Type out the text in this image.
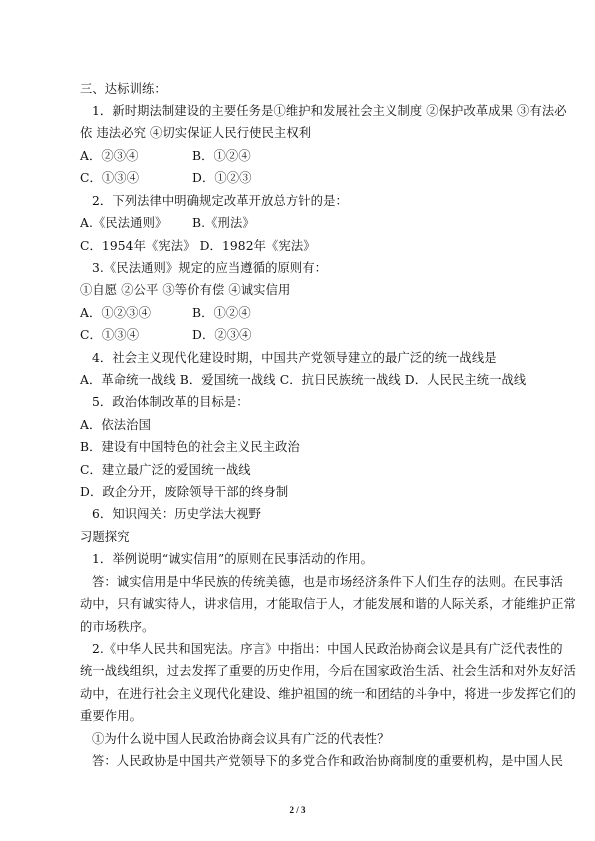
三、达标训练：
1．新时期法制建设的主要任务是①维护和发展社会主义制度 ②保护改革成果 ③有法必
依 违法必究 ④切实保证人民行使民主权利
A．②③④	B．①②④
C．①③④	D．①②③
2．下列法律中明确规定改革开放总方针的是：
A.《民法通则》 B.《刑法》
C．1954年《宪法》 D．1982年《宪法》
3.《民法通则》规定的应当遵循的原则有：
①自愿 ②公平 ③等价有偿 ④诚实信用
A．①②③④	B．①②④
C．①③④	D．②③④
4．社会主义现代化建设时期，中国共产党领导建立的最广泛的统一战线是
A．革命统一战线 B．爱国统一战线 C．抗日民族统一战线 D．人民民主统一战线
5．政治体制改革的目标是：
A．依法治国
B．建设有中国特色的社会主义民主政治
C．建立最广泛的爱国统一战线
D．政企分开，废除领导干部的终身制
6．知识闯关：历史学法大视野
习题探究
1．举例说明“诚实信用”的原则在民事活动的作用。
答：诚实信用是中华民族的传统美德，也是市场经济条件下人们生存的法则。在民事活
动中，只有诚实待人，讲求信用，才能取信于人，才能发展和谐的人际关系，才能维护正常
的市场秩序。
2.《中华人民共和国宪法。序言》中指出：中国人民政治协商会议是具有广泛代表性的
统一战线组织，过去发挥了重要的历史作用，今后在国家政治生活、社会生活和对外友好活
动中，在进行社会主义现代化建设、维护祖国的统一和团结的斗争中，将进一步发挥它们的
重要作用。
①为什么说中国人民政治协商会议具有广泛的代表性？
答：人民政协是中国共产党领导下的多党合作和政治协商制度的重要机构，是中国人民
2 / 3
